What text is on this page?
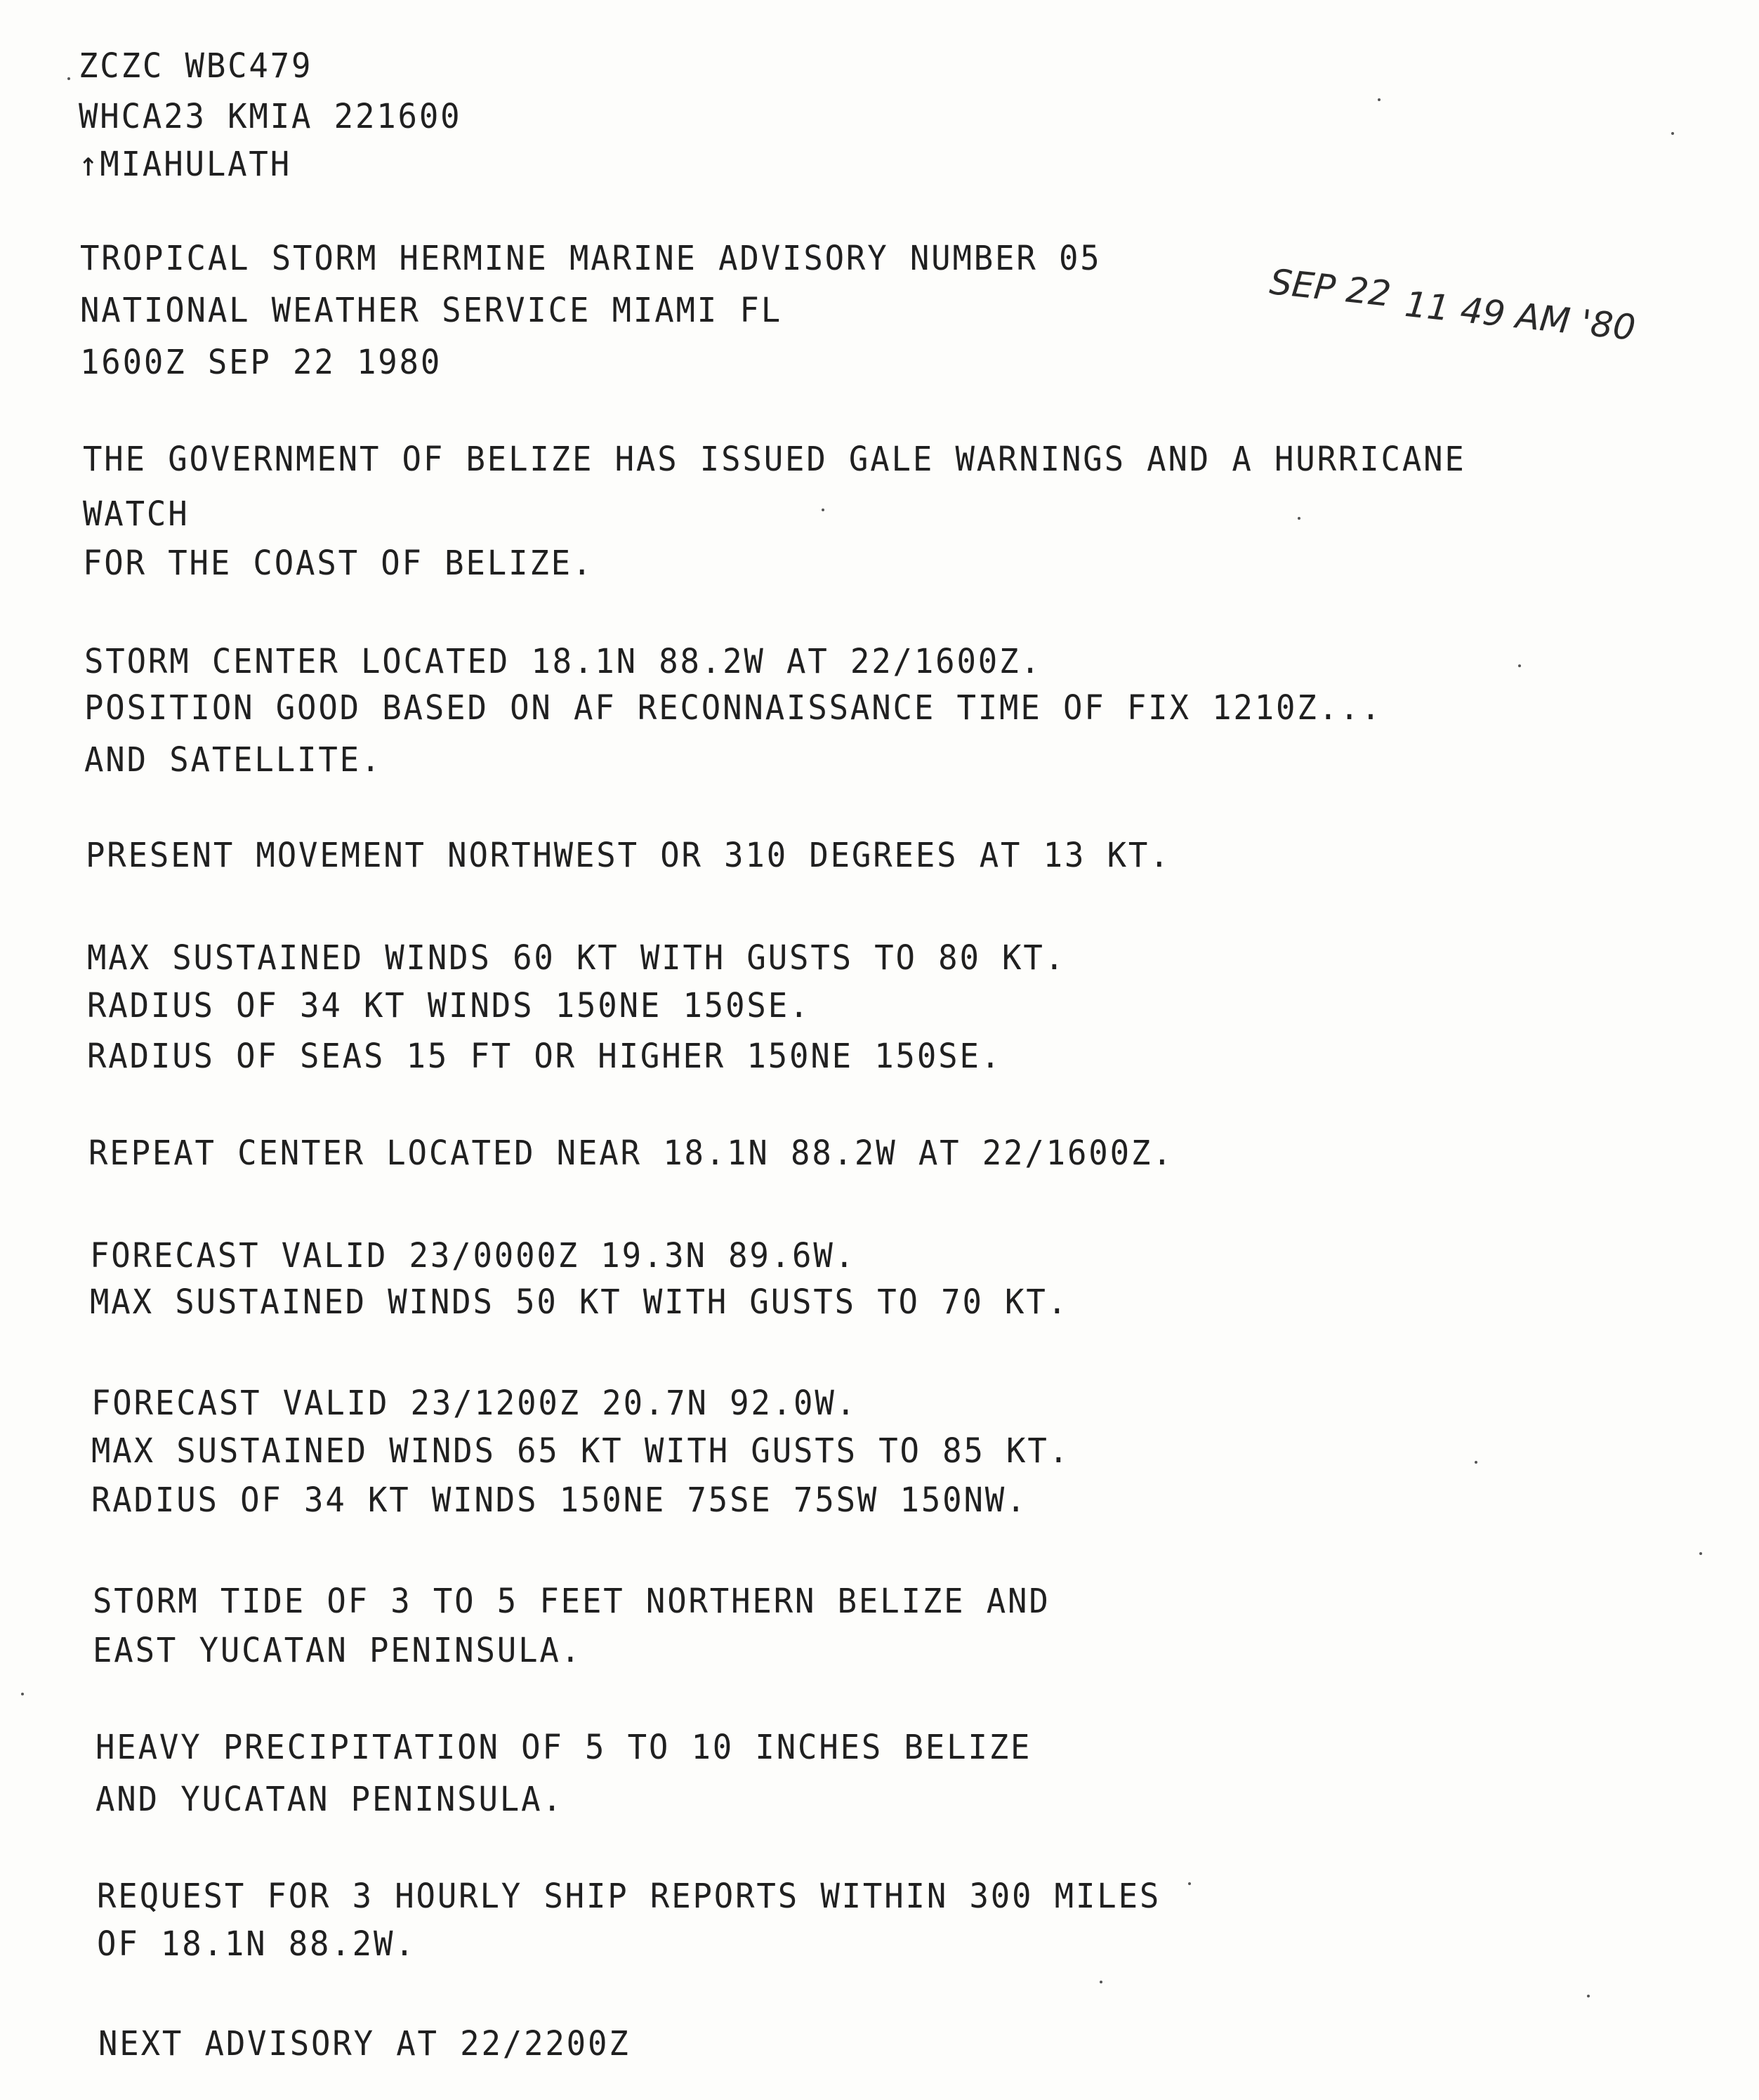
ZCZC WBC479
WHCA23 KMIA 221600
↑MIAHULATH
TROPICAL STORM HERMINE MARINE ADVISORY NUMBER 05
NATIONAL WEATHER SERVICE MIAMI FL
1600Z SEP 22 1980
SEP 22 11 49 AM '80
THE GOVERNMENT OF BELIZE HAS ISSUED GALE WARNINGS AND A HURRICANE
WATCH
FOR THE COAST OF BELIZE.
STORM CENTER LOCATED 18.1N 88.2W AT 22/1600Z.
POSITION GOOD BASED ON AF RECONNAISSANCE TIME OF FIX 1210Z...
AND SATELLITE.
PRESENT MOVEMENT NORTHWEST OR 310 DEGREES AT 13 KT.
MAX SUSTAINED WINDS 60 KT WITH GUSTS TO 80 KT.
RADIUS OF 34 KT WINDS 150NE 150SE.
RADIUS OF SEAS 15 FT OR HIGHER 150NE 150SE.
REPEAT CENTER LOCATED NEAR 18.1N 88.2W AT 22/1600Z.
FORECAST VALID 23/0000Z 19.3N 89.6W.
MAX SUSTAINED WINDS 50 KT WITH GUSTS TO 70 KT.
FORECAST VALID 23/1200Z 20.7N 92.0W.
MAX SUSTAINED WINDS 65 KT WITH GUSTS TO 85 KT.
RADIUS OF 34 KT WINDS 150NE 75SE 75SW 150NW.
STORM TIDE OF 3 TO 5 FEET NORTHERN BELIZE AND
EAST YUCATAN PENINSULA.
HEAVY PRECIPITATION OF 5 TO 10 INCHES BELIZE
AND YUCATAN PENINSULA.
REQUEST FOR 3 HOURLY SHIP REPORTS WITHIN 300 MILES
OF 18.1N 88.2W.
NEXT ADVISORY AT 22/2200Z
